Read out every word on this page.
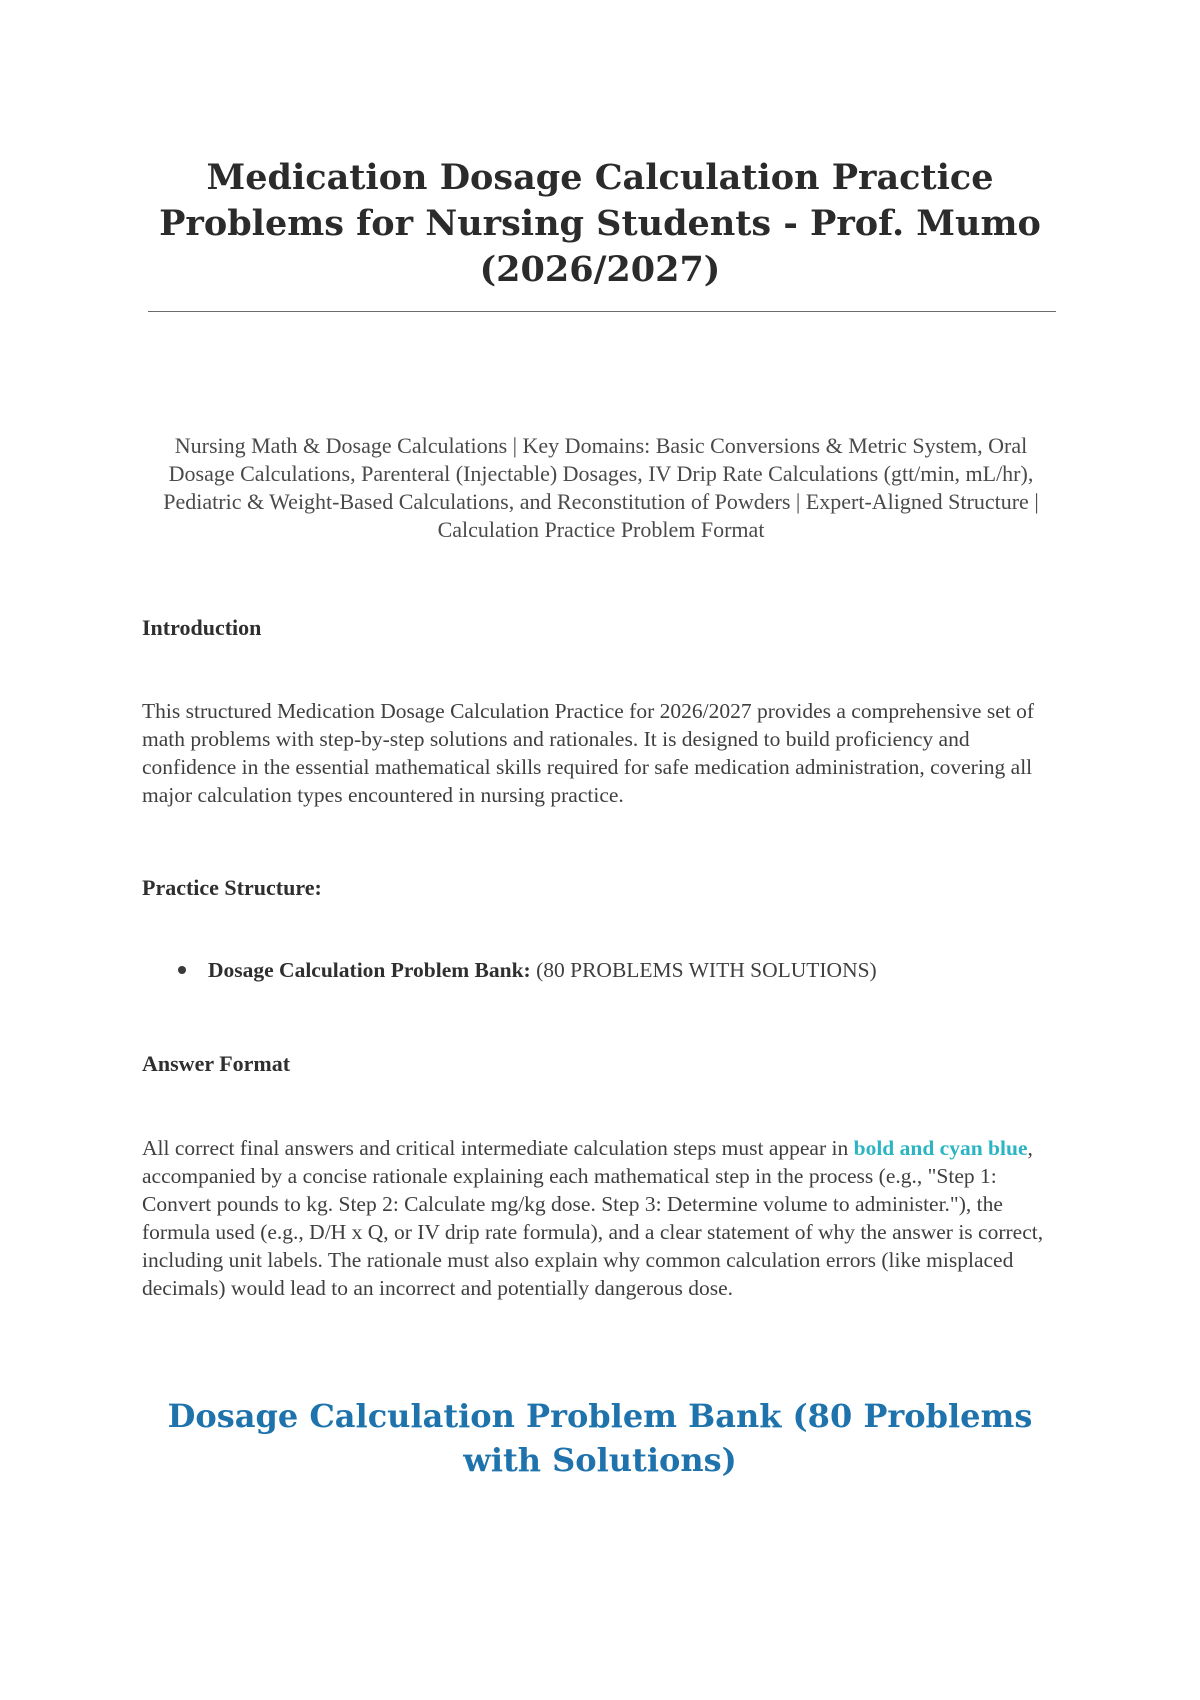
Medication Dosage Calculation Practice Problems for Nursing Students - Prof. Mumo (2026/2027)

Nursing Math & Dosage Calculations | Key Domains: Basic Conversions & Metric System, Oral Dosage Calculations, Parenteral (Injectable) Dosages, IV Drip Rate Calculations (gtt/min, mL/hr), Pediatric & Weight-Based Calculations, and Reconstitution of Powders | Expert-Aligned Structure | Calculation Practice Problem Format

Introduction

This structured Medication Dosage Calculation Practice for 2026/2027 provides a comprehensive set of math problems with step-by-step solutions and rationales. It is designed to build proficiency and confidence in the essential mathematical skills required for safe medication administration, covering all major calculation types encountered in nursing practice.

Practice Structure:

Dosage Calculation Problem Bank: (80 PROBLEMS WITH SOLUTIONS)

Answer Format

All correct final answers and critical intermediate calculation steps must appear in bold and cyan blue, accompanied by a concise rationale explaining each mathematical step in the process (e.g., "Step 1: Convert pounds to kg. Step 2: Calculate mg/kg dose. Step 3: Determine volume to administer."), the formula used (e.g., D/H x Q, or IV drip rate formula), and a clear statement of why the answer is correct, including unit labels. The rationale must also explain why common calculation errors (like misplaced decimals) would lead to an incorrect and potentially dangerous dose.

Dosage Calculation Problem Bank (80 Problems with Solutions)
